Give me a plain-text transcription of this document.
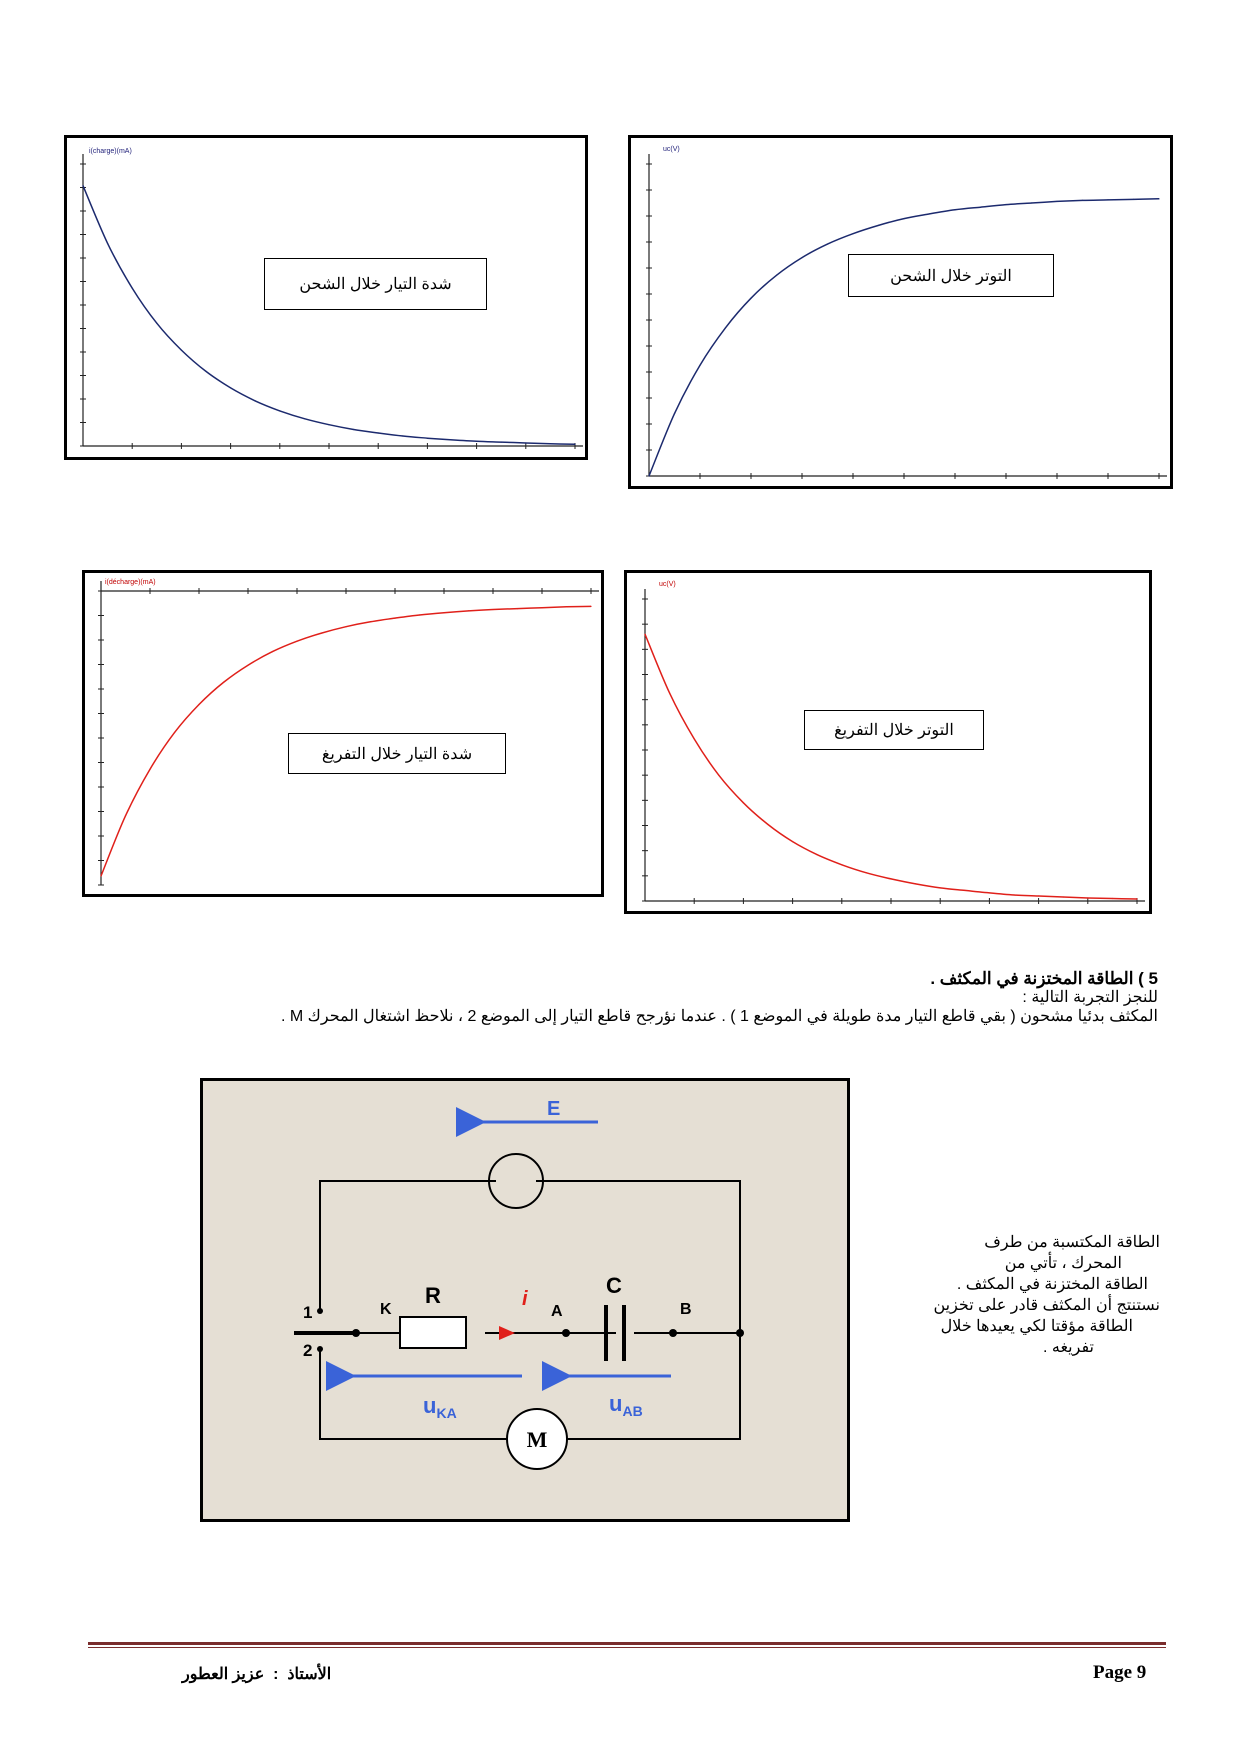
i(charge)(mA)
شدة التيار خلال الشحن
uc(V)
التوتر خلال الشحن
i(décharge)(mA)
شدة التيار خلال التفريغ
uc(V)
التوتر خلال التفريغ
5 ) الطاقة المختزنة في المكثف .
للنجز التجربة التالية :
المكثف بدئيا مشحون ( بقي قاطع التيار مدة طويلة في الموضع 1 ) . عندما نؤرجح قاطع التيار إلى الموضع 2 ، نلاحظ اشتغال المحرك M .
E
R	i
C
K	A	B
1
2
$u_{KA}$	$u_{AB}$
M
الطاقة المكتسبة من طرف
المحرك ، تأتي من
الطاقة المختزنة في المكثف .
نستنتج أن المكثف قادر على تخزين
الطاقة مؤقتا لكي يعيدها خلال
تفريغه .
Page 9
الأستاذ  :  عزيز العطور
